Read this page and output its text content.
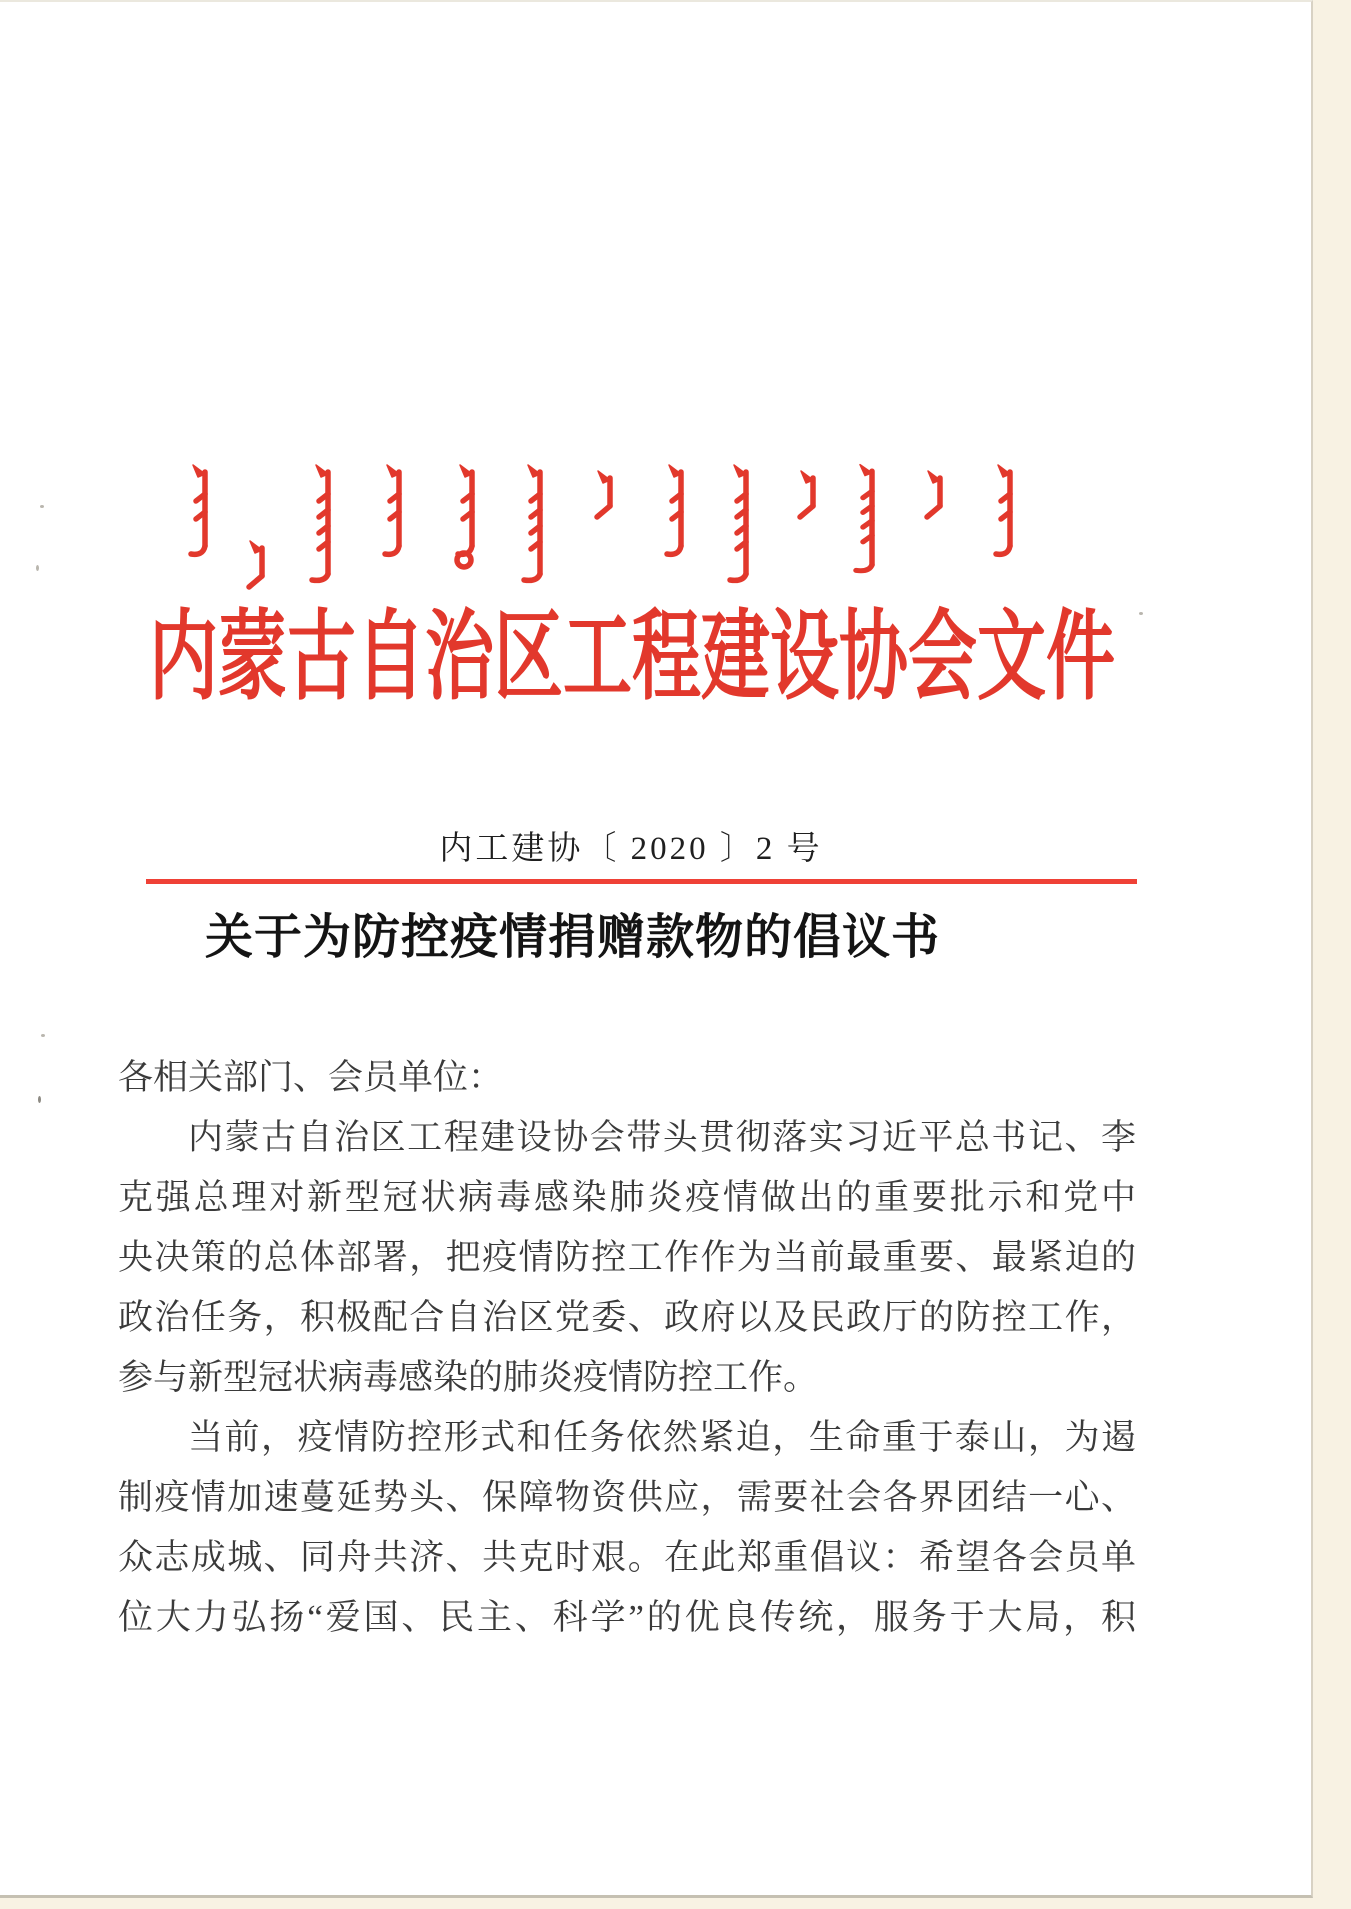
内蒙古自治区工程建设协会文件
内工建协〔 2020 〕2 号
关于为防控疫情捐赠款物的倡议书
各相关部门、会员单位：
内蒙古自治区工程建设协会带头贯彻落实习近平总书记、李
克强总理对新型冠状病毒感染肺炎疫情做出的重要批示和党中
央决策的总体部署，把疫情防控工作作为当前最重要、最紧迫的
政治任务，积极配合自治区党委、政府以及民政厅的防控工作，
参与新型冠状病毒感染的肺炎疫情防控工作。
当前，疫情防控形式和任务依然紧迫，生命重于泰山，为遏
制疫情加速蔓延势头、保障物资供应，需要社会各界团结一心、
众志成城、同舟共济、共克时艰。在此郑重倡议：希望各会员单
位大力弘扬“爱国、民主、科学”的优良传统，服务于大局，积
